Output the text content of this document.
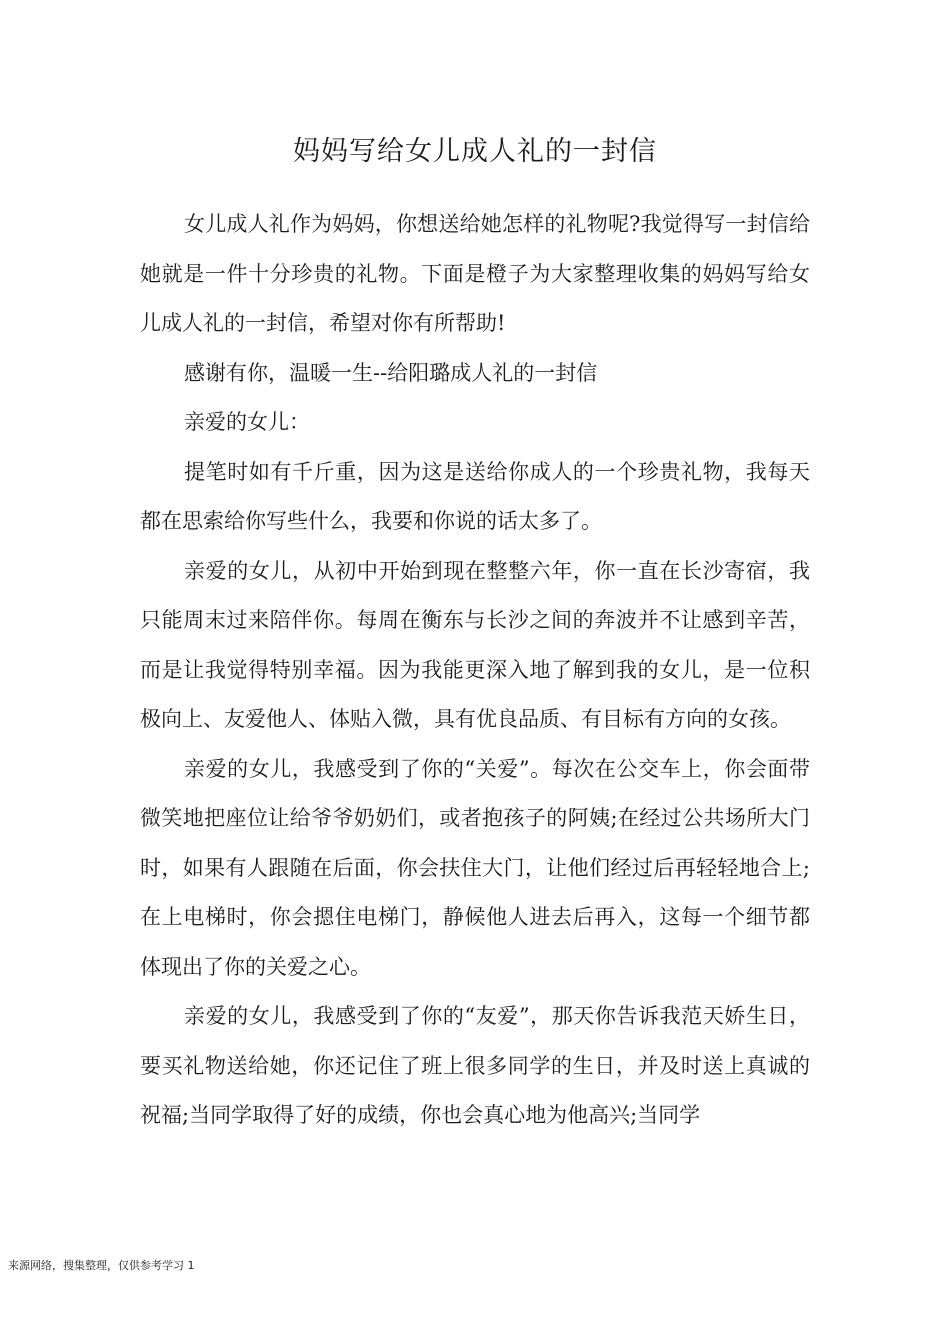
妈妈写给女儿成人礼的一封信

女儿成人礼作为妈妈，你想送给她怎样的礼物呢?我觉得写一封信给她就是一件十分珍贵的礼物。下面是橙子为大家整理收集的妈妈写给女儿成人礼的一封信，希望对你有所帮助!

感谢有你，温暖一生--给阳璐成人礼的一封信

亲爱的女儿：

提笔时如有千斤重，因为这是送给你成人的一个珍贵礼物，我每天都在思索给你写些什么，我要和你说的话太多了。

亲爱的女儿，从初中开始到现在整整六年，你一直在长沙寄宿，我只能周末过来陪伴你。每周在衡东与长沙之间的奔波并不让感到辛苦，而是让我觉得特别幸福。因为我能更深入地了解到我的女儿，是一位积极向上、友爱他人、体贴入微，具有优良品质、有目标有方向的女孩。

亲爱的女儿，我感受到了你的“关爱”。每次在公交车上，你会面带微笑地把座位让给爷爷奶奶们，或者抱孩子的阿姨;在经过公共场所大门时，如果有人跟随在后面，你会扶住大门，让他们经过后再轻轻地合上;在上电梯时，你会摁住电梯门，静候他人进去后再入，这每一个细节都体现出了你的关爱之心。

亲爱的女儿，我感受到了你的“友爱”，那天你告诉我范天娇生日，要买礼物送给她，你还记住了班上很多同学的生日，并及时送上真诚的祝福;当同学取得了好的成绩，你也会真心地为他高兴;当同学

来源网络，搜集整理，仅供参考学习 1
